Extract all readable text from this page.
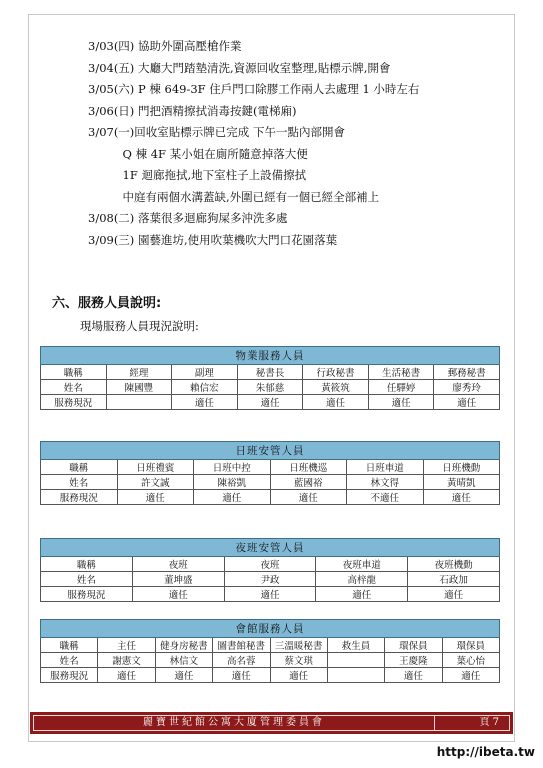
3/03(四) 協助外圍高壓槍作業
3/04(五) 大廳大門踏墊清洗,資源回收室整理,貼標示牌,開會
3/05(六) P 棟 649-3F 住戶門口除膠工作兩人去處理 1 小時左右
3/06(日) 門把酒精擦拭消毒按鍵(電梯廂)
3/07(一)回收室貼標示牌已完成 下午一點內部開會
　　　Q 棟 4F 某小姐在廁所隨意掉落大便
　　　1F 迴廊拖拭,地下室柱子上設備擦拭
　　　中庭有兩個水溝蓋缺,外圍已經有一個已經全部補上
3/08(二) 落葉很多迴廊狗屎多沖洗多處
3/09(三) 園藝進坊,使用吹葉機吹大門口花園落葉
六、服務人員說明:
現場服務人員現況說明:
物業服務人員						
職稱	經理	副理	秘書長	行政秘書	生活秘書	郵務秘書
姓名	陳國豐	賴信宏	朱郁慈	黃筱筑	任驛婷	廖秀玲
服務現況		適任	適任	適任	適任	適任
日班安管人員					
職稱	日班禮賓	日班中控	日班機巡	日班車道	日班機動
姓名	許文誠	陳裕凱	藍國裕	林文得	黃晴凱
服務現況	適任	適任	適任	不適任	適任
夜班安管人員				
職稱	夜班	夜班	夜班車道	夜班機動
姓名	董坤盛	尹政	高梓龍	石政加
服務現況	適任	適任	適任	適任
會館服務人員							
職稱	主任	健身房秘書	圖書館秘書	三溫暖秘書	救生員	環保員	環保員
姓名	謝憲文	林信文	高名蓉	蔡文琪		王慶隆	葉心怡
服務現況	適任	適任	適任	適任		適任	適任
麗寶世紀館公寓大廈管理委員會	頁 7
http://ibeta.tw
